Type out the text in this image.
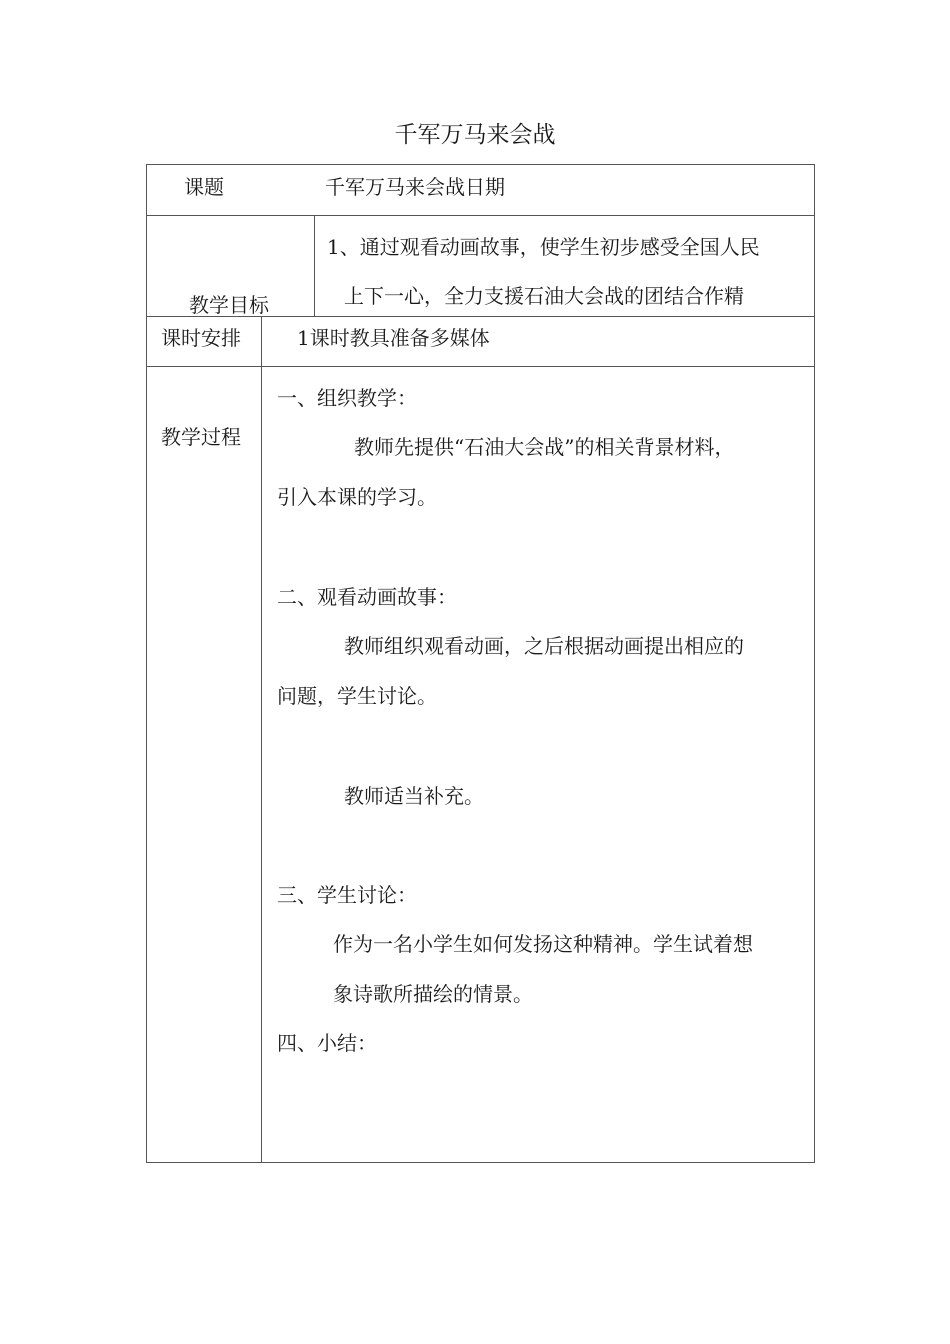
千军万马来会战
课题	千军万马来会战日期
教学目标
1、通过观看动画故事，使学生初步感受全国人民
上下一心，全力支援石油大会战的团结合作精
课时安排	1课时教具准备多媒体
教学过程
一、组织教学：
教师先提供“石油大会战”的相关背景材料，
引入本课的学习。
二、观看动画故事：
教师组织观看动画，之后根据动画提出相应的
问题，学生讨论。
教师适当补充。
三、学生讨论：
作为一名小学生如何发扬这种精神。学生试着想
象诗歌所描绘的情景。
四、小结：
